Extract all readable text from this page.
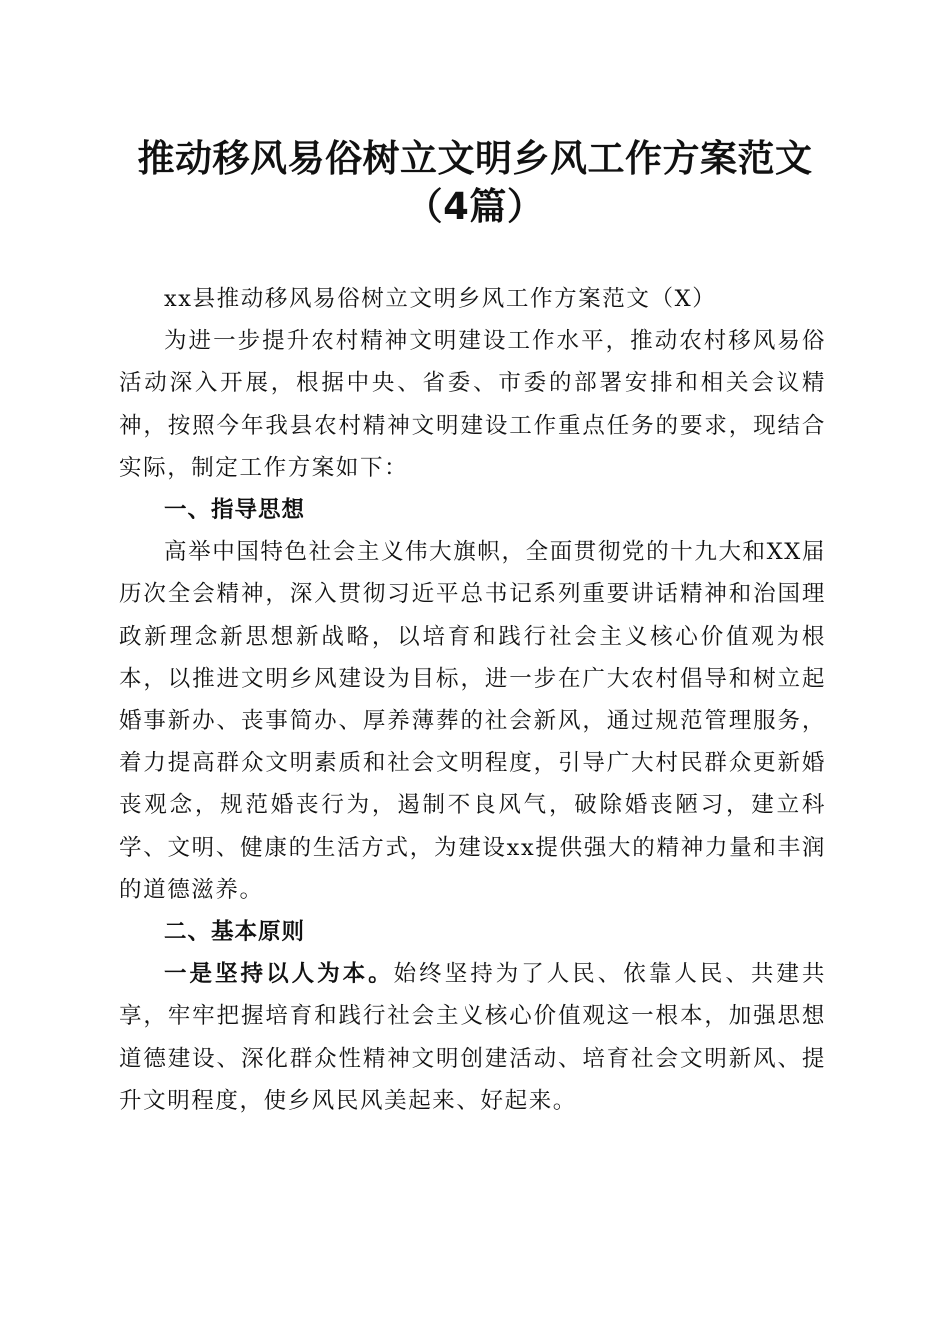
推动移风易俗树立文明乡风工作方案范文（4篇）

xx县推动移风易俗树立文明乡风工作方案范文（X）

为进一步提升农村精神文明建设工作水平，推动农村移风易俗活动深入开展，根据中央、省委、市委的部署安排和相关会议精神，按照今年我县农村精神文明建设工作重点任务的要求，现结合实际，制定工作方案如下：

一、指导思想

高举中国特色社会主义伟大旗帜，全面贯彻党的十九大和XX届历次全会精神，深入贯彻习近平总书记系列重要讲话精神和治国理政新理念新思想新战略，以培育和践行社会主义核心价值观为根本，以推进文明乡风建设为目标，进一步在广大农村倡导和树立起婚事新办、丧事简办、厚养薄葬的社会新风，通过规范管理服务，着力提高群众文明素质和社会文明程度，引导广大村民群众更新婚丧观念，规范婚丧行为，遏制不良风气，破除婚丧陋习，建立科学、文明、健康的生活方式，为建设xx提供强大的精神力量和丰润的道德滋养。

二、基本原则

一是坚持以人为本。始终坚持为了人民、依靠人民、共建共享，牢牢把握培育和践行社会主义核心价值观这一根本，加强思想道德建设、深化群众性精神文明创建活动、培育社会文明新风、提升文明程度，使乡风民风美起来、好起来。
